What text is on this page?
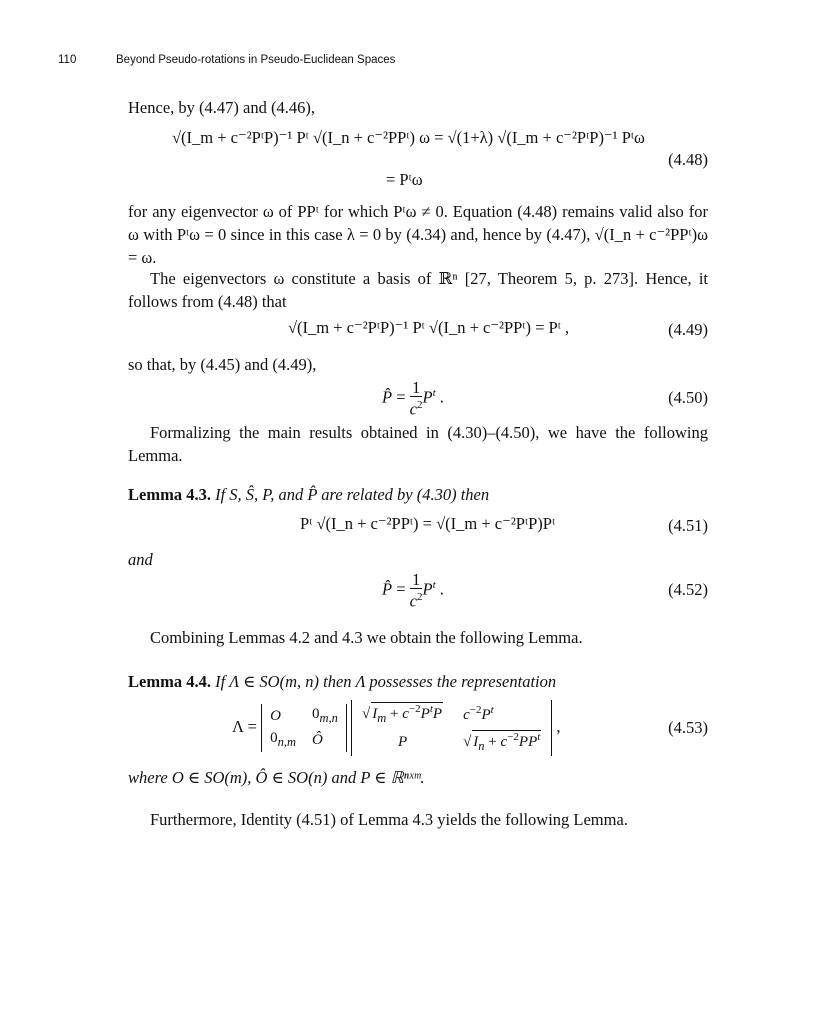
110	Beyond Pseudo-rotations in Pseudo-Euclidean Spaces
Hence, by (4.47) and (4.46),
√(I_m + c⁻²PᵗP)⁻¹ Pᵗ √(I_n + c⁻²PPᵗ) ω = √(1+λ) √(I_m + c⁻²PᵗP)⁻¹ Pᵗω
= Pᵗω
(4.48)
for any eigenvector ω of PPᵗ for which Pᵗω ≠ 0. Equation (4.48) remains valid also for ω with Pᵗω = 0 since in this case λ = 0 by (4.34) and, hence by (4.47), √(I_n + c⁻²PPᵗ)ω = ω.
The eigenvectors ω constitute a basis of ℝⁿ [27, Theorem 5, p. 273]. Hence, it follows from (4.48) that
√(I_m + c⁻²PᵗP)⁻¹ Pᵗ √(I_n + c⁻²PPᵗ) = Pᵗ ,	(4.49)
so that, by (4.45) and (4.49),
P̂ = $\frac{1}{c^2} P^t$ .	(4.50)
Formalizing the main results obtained in (4.30)–(4.50), we have the following Lemma.
Lemma 4.3. If S, Ŝ, P, and P̂ are related by (4.30) then
Pᵗ √(I_n + c⁻²PPᵗ) = √(I_m + c⁻²PᵗP)Pᵗ	(4.51)
and
P̂ = $\frac{1}{c^2} P^t$ .	(4.52)
Combining Lemmas 4.2 and 4.3 we obtain the following Lemma.
Lemma 4.4. If Λ ∈ SO(m, n) then Λ possesses the representation
Λ =
O	$0_{m,n}$
$0_{n,m}$	Ô

√ $I_m + c^{-2}P^tP$	$c^{-2}P^t$
P	√ $I_n + c^{-2}PP^t$
,	(4.53)
where O ∈ SO(m), Ô ∈ SO(n) and P ∈ ℝⁿˣᵐ.
Furthermore, Identity (4.51) of Lemma 4.3 yields the following Lemma.
